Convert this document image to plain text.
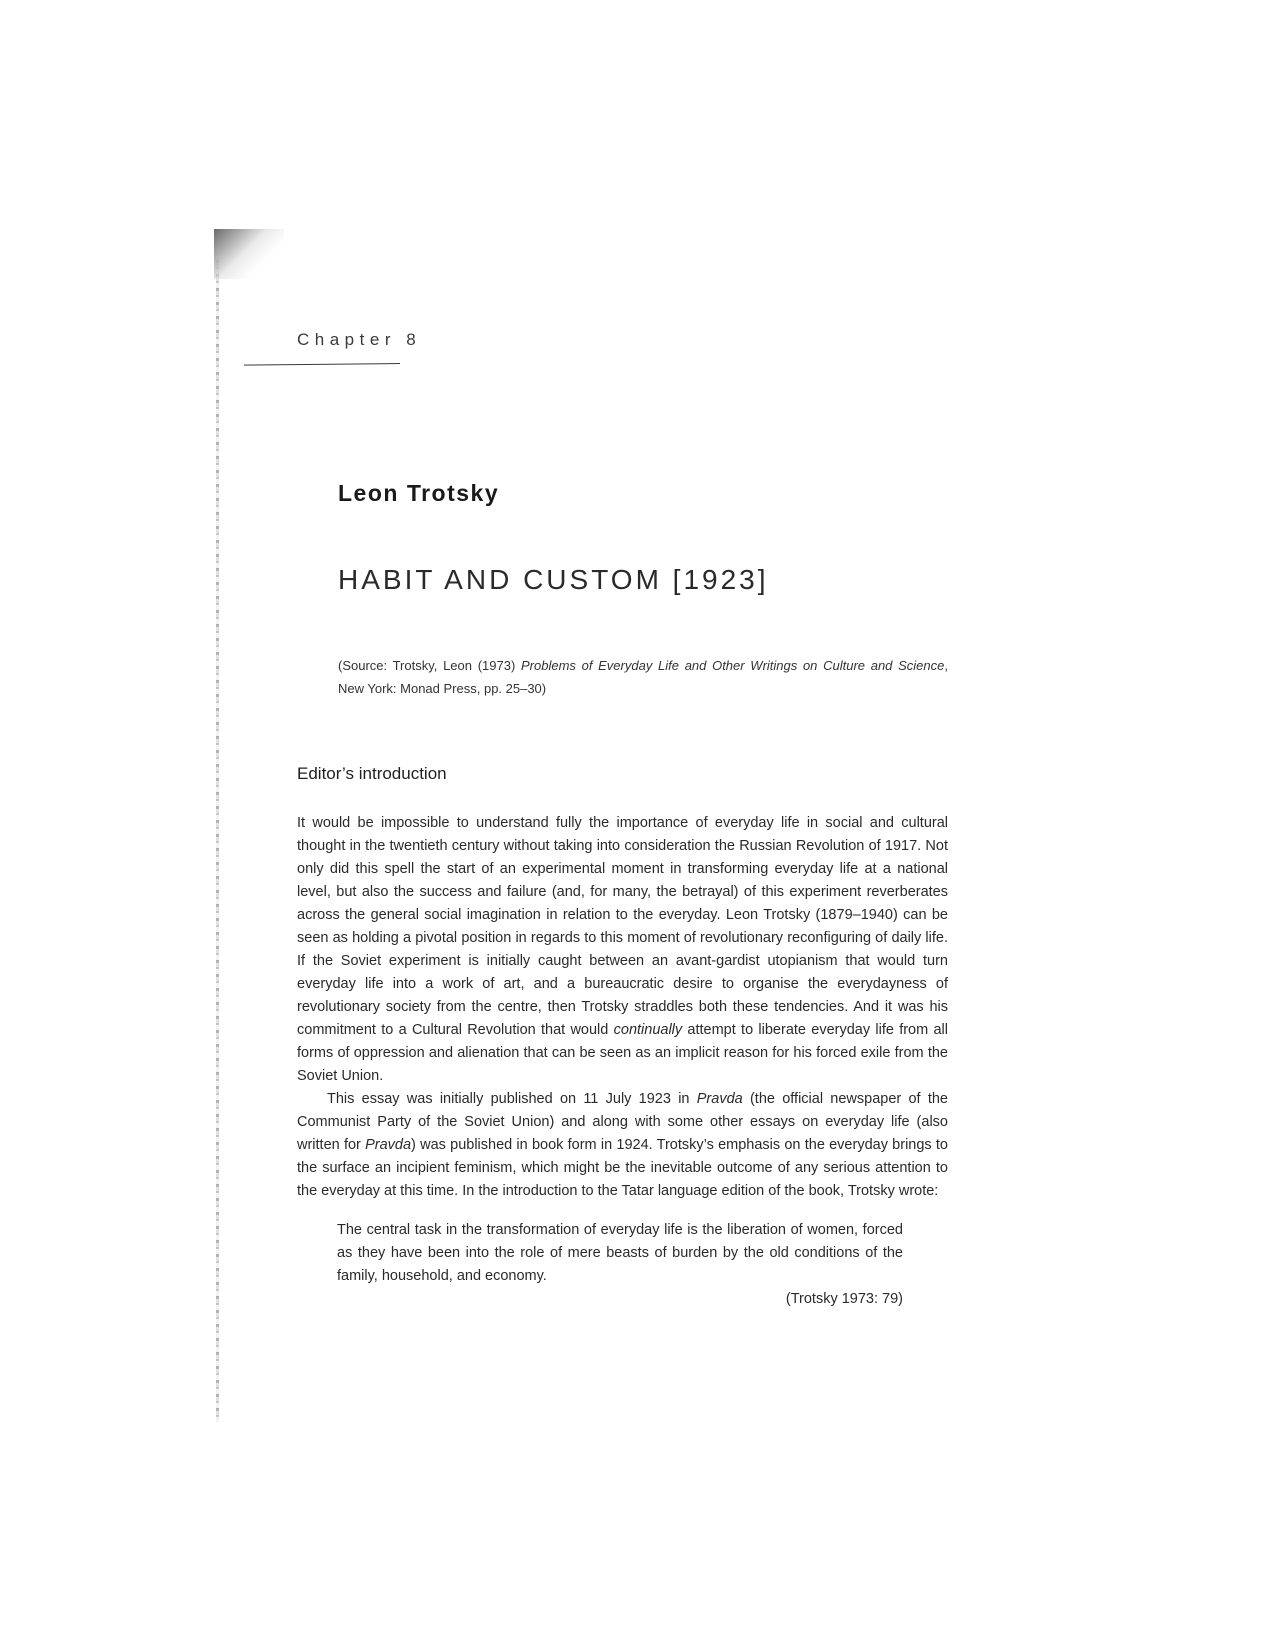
Chapter 8

Leon Trotsky
HABIT AND CUSTOM [1923]

(Source: Trotsky, Leon (1973) Problems of Everyday Life and Other Writings on Culture and Science, New York: Monad Press, pp. 25–30)

Editor’s introduction

It would be impossible to understand fully the importance of everyday life in social and cultural thought in the twentieth century without taking into consideration the Russian Revolution of 1917. Not only did this spell the start of an experimental moment in transforming everyday life at a national level, but also the success and failure (and, for many, the betrayal) of this experiment reverberates across the general social imagination in relation to the everyday. Leon Trotsky (1879–1940) can be seen as holding a pivotal position in regards to this moment of revolutionary reconfiguring of daily life. If the Soviet experiment is initially caught between an avant-gardist utopianism that would turn everyday life into a work of art, and a bureaucratic desire to organise the everydayness of revolutionary society from the centre, then Trotsky straddles both these tendencies. And it was his commitment to a Cultural Revolution that would continually attempt to liberate everyday life from all forms of oppression and alienation that can be seen as an implicit reason for his forced exile from the Soviet Union.

This essay was initially published on 11 July 1923 in Pravda (the official newspaper of the Communist Party of the Soviet Union) and along with some other essays on everyday life (also written for Pravda) was published in book form in 1924. Trotsky’s emphasis on the everyday brings to the surface an incipient feminism, which might be the inevitable outcome of any serious attention to the everyday at this time. In the introduction to the Tatar language edition of the book, Trotsky wrote:

The central task in the transformation of everyday life is the liberation of women, forced as they have been into the role of mere beasts of burden by the old conditions of the family, household, and economy.

(Trotsky 1973: 79)
